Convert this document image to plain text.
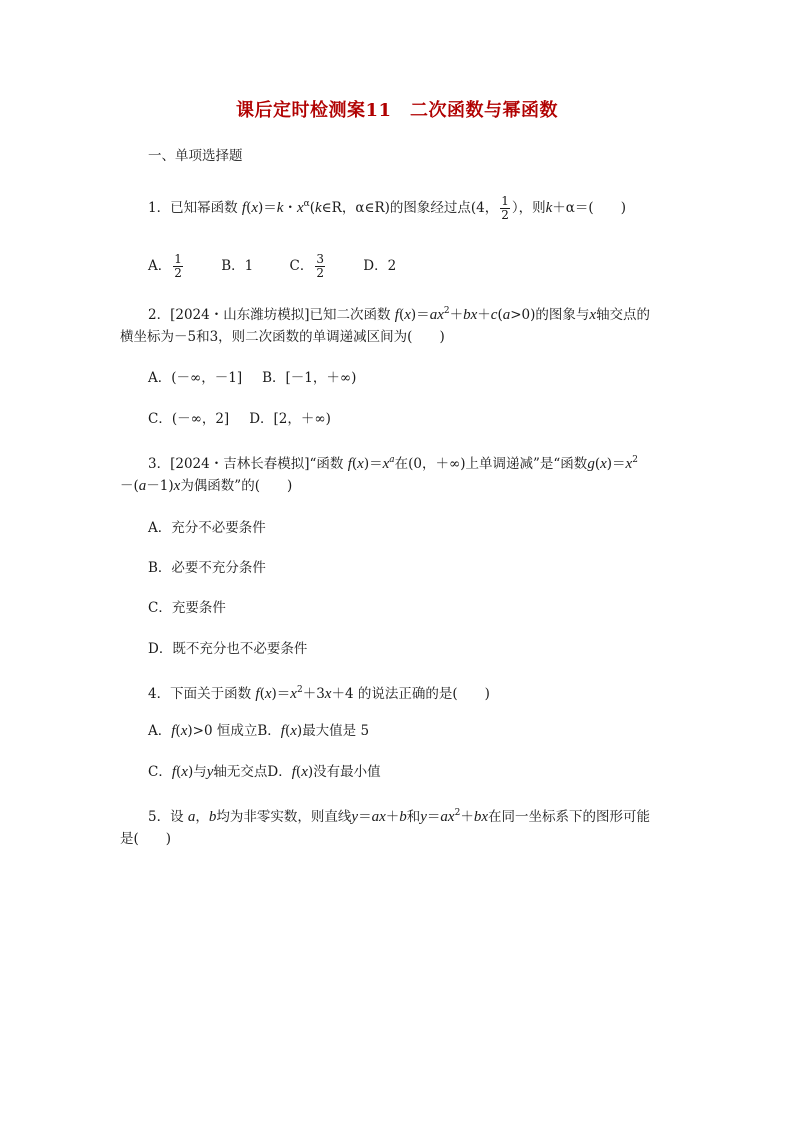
课后定时检测案11　二次函数与幂函数
一、单项选择题
1．已知幂函数 f(x)＝k・$x^\alpha(k\in R$，α∈R)的图象经过点(4， $\frac{1}{2}$ ），则k＋α＝(　　)
A． $\frac{1}{2}$	B．1	C． $\frac{3}{2}$	D．2
2．[2024・山东潍坊模拟]已知二次函数 $f(x)=ax^2+bx+c(a>0)$的图象与x轴交点的
横坐标为－5和3，则二次函数的单调递减区间为(　　)
A．(－∞，－1] B．[－1，＋∞)
C．(－∞，2] D．[2，＋∞)
3．[2024・吉林长春模拟]“函数 $f(x)=x^a$在(0，＋∞)上单调递减”是“函数$g(x)=x^2$
－(a－1)x为偶函数”的(　　)
A．充分不必要条件
B．必要不充分条件
C．充要条件
D．既不充分也不必要条件
4．下面关于函数 $f(x)=x^2+3x+4$ 的说法正确的是(　　)
A．f(x)>0 恒成立B．f(x)最大值是 5
C．f(x)与y轴无交点D．f(x)没有最小值
5．设 a，b均为非零实数，则直线y＝ax＋b和$y=ax^2+bx$在同一坐标系下的图形可能
是(　　)
